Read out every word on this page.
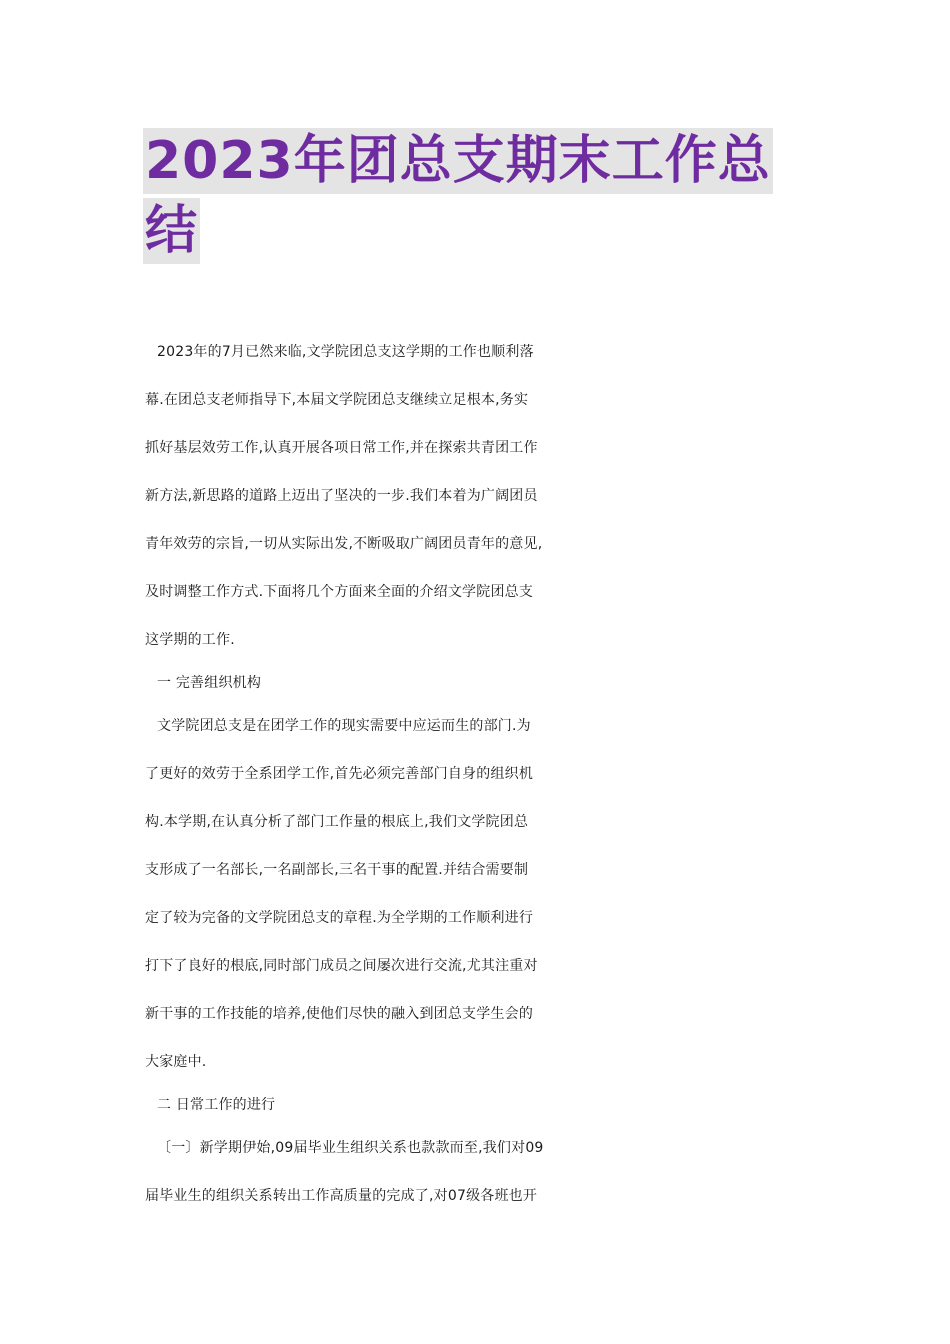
2023年团总支期末工作总
结
2023年的7月已然来临,文学院团总支这学期的工作也顺利落
幕.在团总支老师指导下,本届文学院团总支继续立足根本,务实
抓好基层效劳工作,认真开展各项日常工作,并在探索共青团工作
新方法,新思路的道路上迈出了坚决的一步.我们本着为广阔团员
青年效劳的宗旨,一切从实际出发,不断吸取广阔团员青年的意见,
及时调整工作方式.下面将几个方面来全面的介绍文学院团总支
这学期的工作.
一 完善组织机构
文学院团总支是在团学工作的现实需要中应运而生的部门.为
了更好的效劳于全系团学工作,首先必须完善部门自身的组织机
构.本学期,在认真分析了部门工作量的根底上,我们文学院团总
支形成了一名部长,一名副部长,三名干事的配置.并结合需要制
定了较为完备的文学院团总支的章程.为全学期的工作顺利进行
打下了良好的根底,同时部门成员之间屡次进行交流,尤其注重对
新干事的工作技能的培养,使他们尽快的融入到团总支学生会的
大家庭中.
二 日常工作的进行
〔一〕新学期伊始,09届毕业生组织关系也款款而至,我们对09
届毕业生的组织关系转出工作高质量的完成了,对07级各班也开
